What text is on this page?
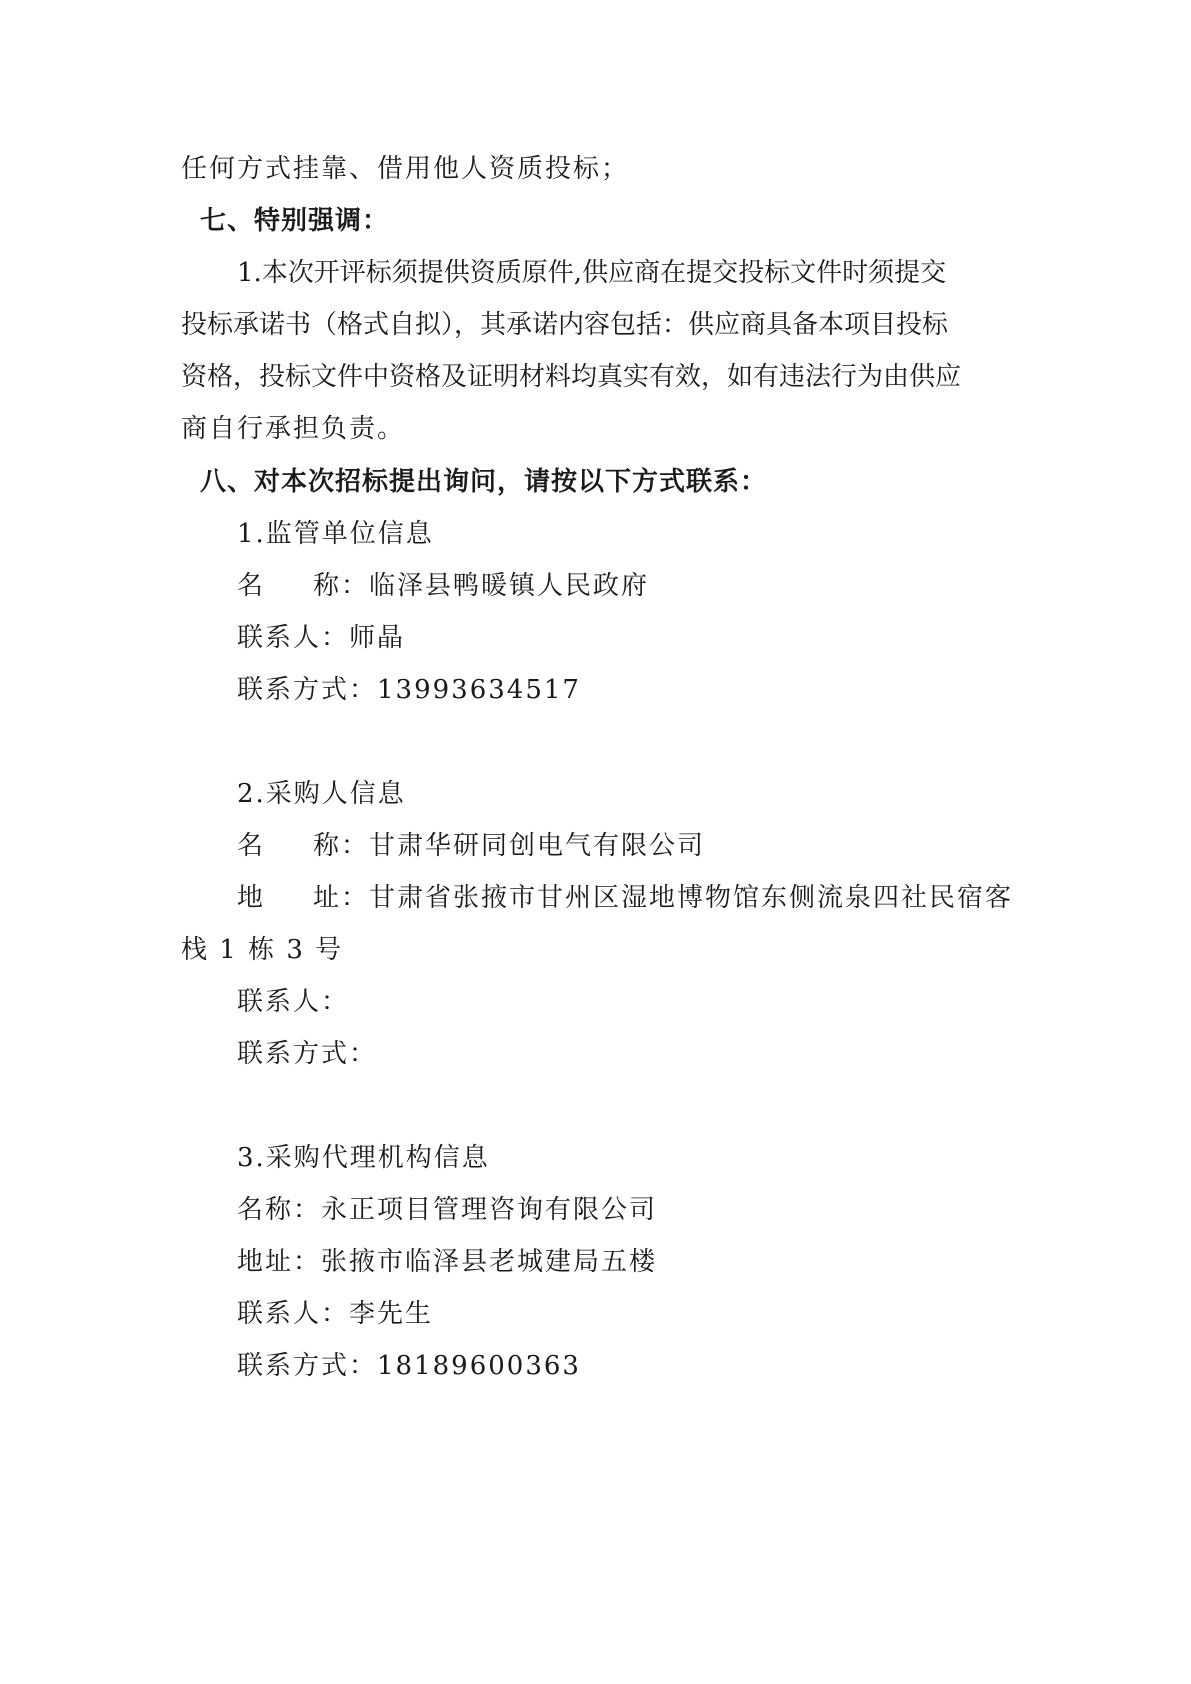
任何方式挂靠、借用他人资质投标；
七、特别强调：
1.本次开评标须提供资质原件,供应商在提交投标文件时须提交
投标承诺书（格式自拟），其承诺内容包括：供应商具备本项目投标
资格，投标文件中资格及证明材料均真实有效，如有违法行为由供应
商自行承担负责。
八、对本次招标提出询问，请按以下方式联系：
1.监管单位信息
名 称：临泽县鸭暖镇人民政府
联系人：师晶
联系方式：13993634517
2.采购人信息
名 称：甘肃华研同创电气有限公司
地 址：甘肃省张掖市甘州区湿地博物馆东侧流泉四社民宿客
栈 1 栋 3 号
联系人：
联系方式：
3.采购代理机构信息
名称：永正项目管理咨询有限公司
地址：张掖市临泽县老城建局五楼
联系人：李先生
联系方式：18189600363
